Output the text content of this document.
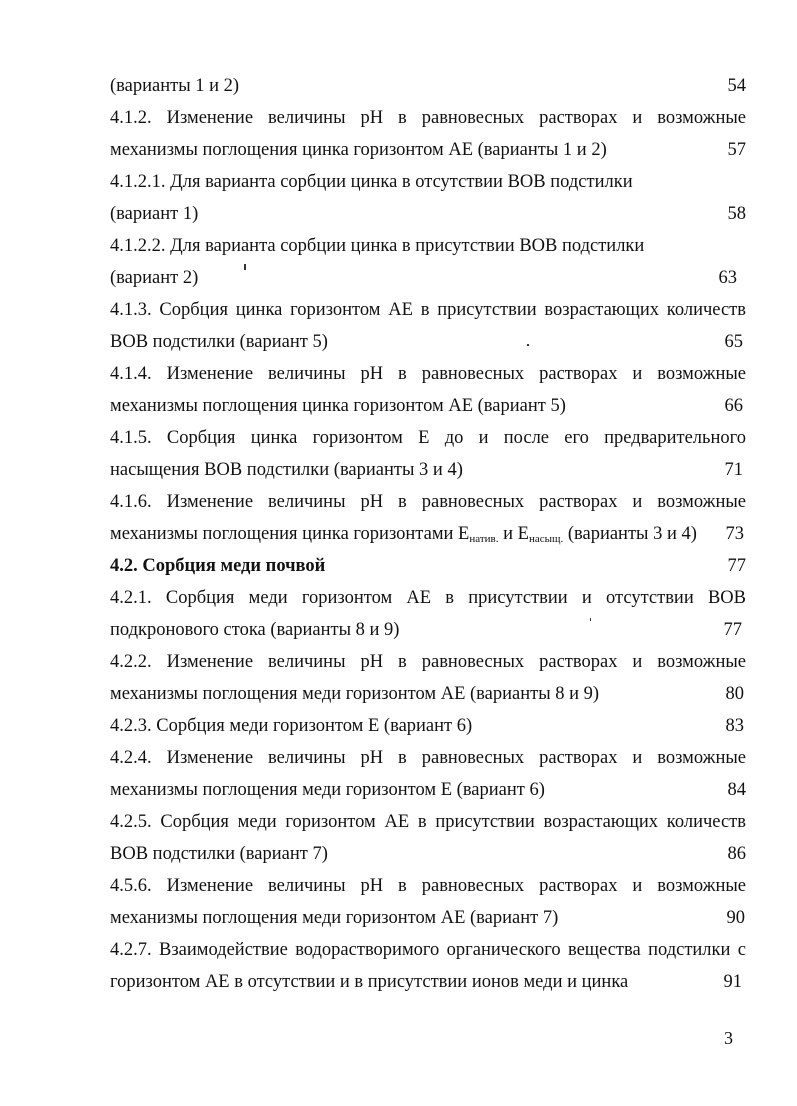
(варианты 1 и 2)	54
4.1.2. Изменение величины pH в равновесных растворах и возможные
механизмы поглощения цинка горизонтом АЕ (варианты 1 и 2)	57
4.1.2.1. Для варианта сорбции цинка в отсутствии ВОВ подстилки
(вариант 1)	58
4.1.2.2. Для варианта сорбции цинка в присутствии ВОВ подстилки
(вариант 2)	63
4.1.3. Сорбция цинка горизонтом АЕ в присутствии возрастающих количеств
ВОВ подстилки (вариант 5)	65
4.1.4. Изменение величины pH в равновесных растворах и возможные
механизмы поглощения цинка горизонтом АЕ (вариант 5)	66
4.1.5. Сорбция цинка горизонтом Е до и после его предварительного
насыщения ВОВ подстилки (варианты 3 и 4)	71
4.1.6. Изменение величины pH в равновесных растворах и возможные
механизмы поглощения цинка горизонтами $Е_{натив.}$ и $Е_{насыщ.}$ (варианты 3 и 4) 73
4.2. Сорбция меди почвой	77
4.2.1. Сорбция меди горизонтом АЕ в присутствии и отсутствии ВОВ
подкронового стока (варианты 8 и 9)	77
4.2.2. Изменение величины pH в равновесных растворах и возможные
механизмы поглощения меди горизонтом АЕ (варианты 8 и 9)	80
4.2.3. Сорбция меди горизонтом Е (вариант 6)	83
4.2.4. Изменение величины pH в равновесных растворах и возможные
механизмы поглощения меди горизонтом Е (вариант 6)	84
4.2.5. Сорбция меди горизонтом АЕ в присутствии возрастающих количеств
ВОВ подстилки (вариант 7)	86
4.5.6. Изменение величины pH в равновесных растворах и возможные
механизмы поглощения меди горизонтом АЕ (вариант 7)	90
4.2.7. Взаимодействие водорастворимого органического вещества подстилки с
горизонтом АЕ в отсутствии и в присутствии ионов меди и цинка	91
3
